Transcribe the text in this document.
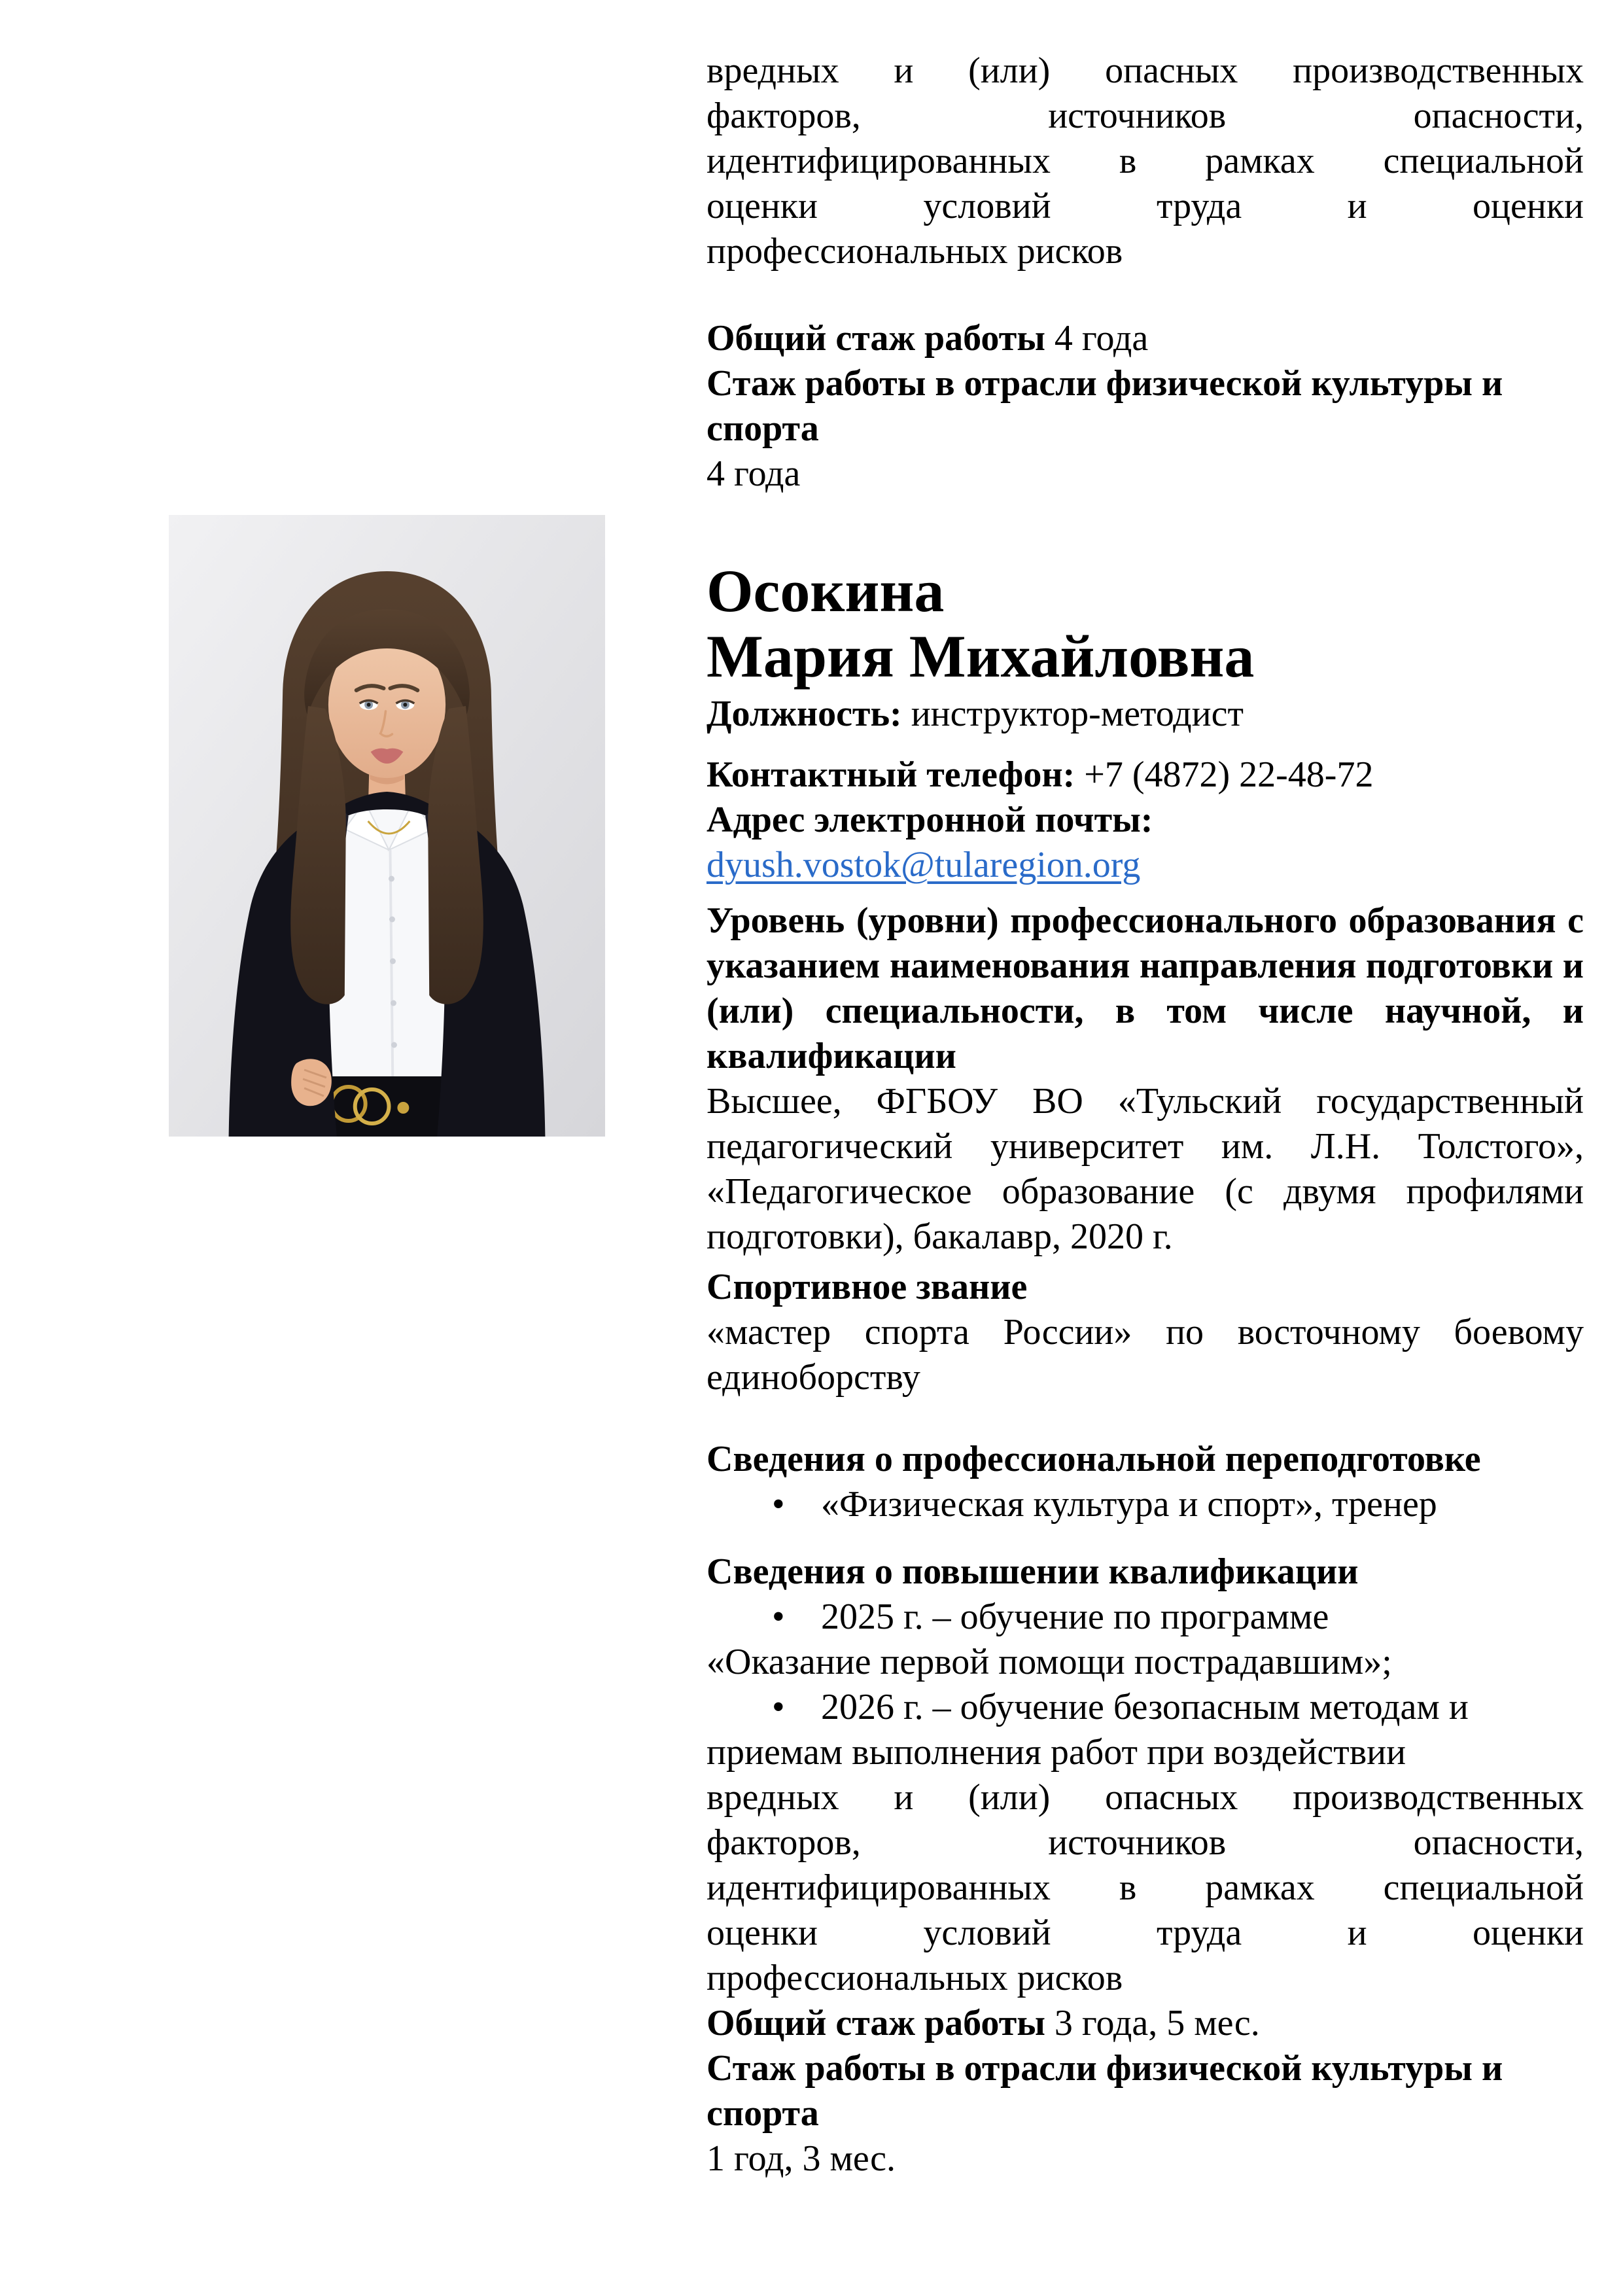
вредных и (или) опасных производственных
факторов, источников опасности,
идентифицированных в рамках специальной
оценки условий труда и оценки
профессиональных рисков
Общий стаж работы 4 года
Стаж работы в отрасли физической культуры и спорта
4 года
Осокина
Мария Михайловна
Должность: инструктор-методист
Контактный телефон: +7 (4872) 22-48-72
Адрес электронной почты:
dyush.vostok@tularegion.org
Уровень (уровни) профессионального образования с
указанием наименования направления подготовки и
(или) специальности, в том числе научной, и
квалификации
Высшее, ФГБОУ ВО «Тульский государственный
педагогический университет им. Л.Н. Толстого»,
«Педагогическое образование (с двумя профилями
подготовки), бакалавр, 2020 г.
Спортивное звание
«мастер спорта России» по восточному боевому
единоборству
Сведения о профессиональной переподготовке
• «Физическая культура и спорт», тренер
Сведения о повышении квалификации
• 2025 г. – обучение по программе
«Оказание первой помощи пострадавшим»;
• 2026 г. – обучение безопасным методам и
приемам выполнения работ при воздействии
вредных и (или) опасных производственных
факторов, источников опасности,
идентифицированных в рамках специальной
оценки условий труда и оценки
профессиональных рисков
Общий стаж работы 3 года, 5 мес.
Стаж работы в отрасли физической культуры и спорта
1 год, 3 мес.
